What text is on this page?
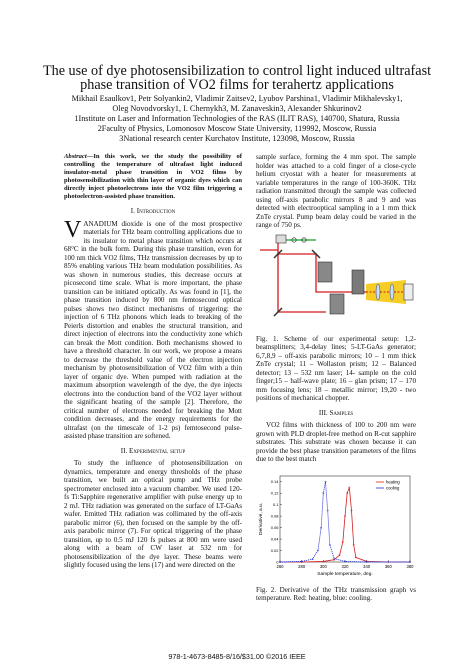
The use of dye photosensibilization to control light induced ultrafast phase transition of VO2 films for terahertz applications
Mikhail Esaulkov1, Petr Solyankin2, Vladimir Zaitsev2, Lyubov Parshina1, Vladimir Mikhalevsky1,
Oleg Novodvorsky1, I. Chernykh3, M. Zanaveskin3, Alexander Shkurinov2
1Institute on Laser and Information Technologies of the RAS (ILIT RAS), 140700, Shatura, Russia
2Faculty of Physics, Lomonosov Moscow State University, 119992, Moscow, Russia
3National research center Kurchatov Institute, 123098, Moscow, Russia

Abstract—In this work, we the study the possibility of controlling the temperature of ultrafast light induced insulator-metal phase transition in VO2 films by photosensibilization with thin layer of organic dyes which can directly inject photoelectrons into the VO2 film triggering a photoelectron-assisted phase transition.

I. Introduction

VANADIUM dioxide is one of the most prospective materials for THz beam controlling applications due to its insulator to metal phase transition which occurs at 68°C in the bulk form. During this phase transition, even for 100 nm thick VO2 films, THz transmission decreases by up to 85% enabling various THz beam modulation possibilities. As was shown in numerous studies, this decrease occurs at picosecond time scale. What is more important, the phase transition can be initiated optically. As was found in [1], the phase transition induced by 800 nm femtosecond optical pulses shows two distinct mechanisms of triggering: the injection of 6 THz phonons which leads to breaking of the Peierls distortion and enables the structural transition, and direct injection of electrons into the conductivity zone which can break the Mott condition. Both mechanisms showed to have a threshold character. In our work, we propose a means to decrease the threshold value of the electron injection mechanism by photosensibilization of VO2 film with a thin layer of organic dye. When pumped with radiation at the maximum absorption wavelength of the dye, the dye injects electrons into the conduction band of the VO2 layer without the significant heating of the sample [2]. Therefore, the critical number of electrons needed for breaking the Mott condition decreases, and the energy requirements for the ultrafast (on the timescale of 1-2 ps) femtosecond pulse-assisted phase transition are softened.

II. Experimental setup

To study the influence of photosensibilization on dynamics, temperature and energy thresholds of the phase transition, we built an optical pump and THz probe spectrometer enclosed into a vacuum chamber. We used 120-fs Ti:Sapphire regenerative amplifier with pulse energy up to 2 mJ. THz radiation was generated on the surface of LT-GaAs wafer. Emitted THz radiation was collimated by the off-axis parabolic mirror (6), then focused on the sample by the off-axis parabolic mirror (7). For optical triggering of the phase transition, up to 0.5 mJ 120 fs pulses at 800 nm were used along with a beam of CW laser at 532 nm for photosensibilization of the dye layer. These beams were slightly focused using the lens (17) and were directed on the

sample surface, forming the 4 mm spot. The sample holder was attached to a cold finger of a close-cycle helium cryostat with a heater for measurements at variable temperatures in the range of 100-360K. THz radiation transmitted through the sample was collected using off-axis parabolic mirrors 8 and 9 and was detected with electrooptical sampling in a 1 mm thick ZnTe crystal. Pump beam delay could be varied in the range of 750 ps.

Fig. 1. Scheme of our experimental setup: 1,2- beamsplitters; 3,4-delay lines; 5-LT-GaAs generator; 6,7,8,9 – off-axis parabolic mirrors; 10 – 1 mm thick ZnTe crystal; 11 – Wollaston prism; 12 – Balanced detector; 13 – 532 nm laser; 14- sample on the cold finger;15 – half-wave plate; 16 – glan prism; 17 – 170 mm focusing lens; 18 – metallic mirror; 19,20 - two positions of mechanical chopper.

III. Samples

VO2 films with thickness of 100 to 200 nm were grown with PLD droplet-free method on R-cut sapphire substrates. This substrate was chosen because it can provide the best phase transition parameters of the films due to the best match

260	280	300	320	340	360	380
0
0.02
0.04
0.06
0.08
0.1
0.12
0.14
Sample temperature, deg.
Derivative, a.u.
heating
cooling

Fig. 2. Derivative of the THz transmission graph vs temperature. Red: heating, blue: cooling.

978-1-4673-8485-8/16/$31.00 ©2016 IEEE
